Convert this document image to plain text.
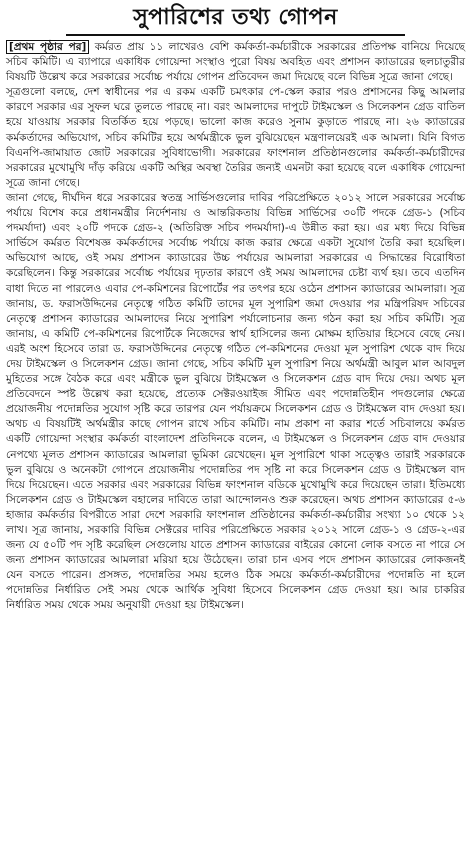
সুপারিশের তথ্য গোপন

[প্রথম পৃষ্ঠার পর] কর্মরত প্রায় ১১ লাখেরও বেশি কর্মকর্তা-কর্মচারীকে সরকারের প্রতিপক্ষ বানিয়ে দিয়েছে সচিব কমিটি। এ ব্যাপারে একাধিক গোয়েন্দা সংস্থাও পুরো বিষয় অবহিত এবং প্রশাসন ক্যাডারের ছলচাতুরীর বিষয়টি উল্লেখ করে সরকারের সর্বোচ্চ পর্যায়ে গোপন প্রতিবেদন জমা দিয়েছে বলে বিভিন্ন সূত্রে জানা গেছে।

সূত্রগুলো বলছে, দেশ স্বাধীনের পর এ রকম একটি চমৎকার পে-স্কেল করার পরও প্রশাসনের কিছু আমলার কারণে সরকার এর সুফল ঘরে তুলতে পারছে না। বরং আমলাদের দাপুটে টাইমস্কেল ও সিলেকশন গ্রেড বাতিল হয়ে যাওয়ায় সরকার বিতর্কিত হয়ে পড়ছে। ভালো কাজ করেও সুনাম কুড়াতে পারছে না। ২৬ ক্যাডারের কর্মকর্তাদের অভিযোগ, সচিব কমিটির হয়ে অর্থমন্ত্রীকে ভুল বুঝিয়েছেন মন্ত্রণালয়েরই এক আমলা। যিনি বিগত বিএনপি-জামায়াত জোট সরকারের সুবিধাভোগী। সরকারের ফাংশনাল প্রতিষ্ঠানগুলোর কর্মকর্তা-কর্মচারীদের সরকারের মুখোমুখি দাঁড় করিয়ে একটি অস্থির অবস্থা তৈরির জন্যই এমনটা করা হয়েছে বলে একাধিক গোয়েন্দা সূত্রে জানা গেছে।

জানা গেছে, দীর্ঘদিন ধরে সরকারের স্বতন্ত্র সার্ভিসগুলোর দাবির পরিপ্রেক্ষিতে ২০১২ সালে সরকারের সর্বোচ্চ পর্যায়ে বিশেষ করে প্রধানমন্ত্রীর নির্দেশনায় ও আন্তরিকতায় বিভিন্ন সার্ভিসের ৩০টি পদকে গ্রেড-১ (সচিব পদমর্যাদা) এবং ২০টি পদকে গ্রেড-২ (অতিরিক্ত সচিব পদমর্যাদা)-এ উন্নীত করা হয়। এর মধ্য দিয়ে বিভিন্ন সার্ভিসে কর্মরত বিশেষজ্ঞ কর্মকর্তাদের সর্বোচ্চ পর্যায়ে কাজ করার ক্ষেত্রে একটা সুযোগ তৈরি করা হয়েছিল। অভিযোগ আছে, ওই সময় প্রশাসন ক্যাডারের উচ্চ পর্যায়ের আমলারা সরকারের এ সিদ্ধান্তের বিরোধিতা করেছিলেন। কিন্তু সরকারের সর্বোচ্চ পর্যায়ের দৃঢ়তার কারণে ওই সময় আমলাদের চেষ্টা ব্যর্থ হয়। তবে এতদিন বাধা দিতে না পারলেও এবার পে-কমিশনের রিপোর্টের পর তৎপর হয়ে ওঠেন প্রশাসন ক্যাডারের আমলারা। সূত্র জানায়, ড. ফরাসউদ্দিনের নেতৃত্বে গঠিত কমিটি তাদের মূল সুপারিশ জমা দেওয়ার পর মন্ত্রিপরিষদ সচিবের নেতৃত্বে প্রশাসন ক্যাডারের আমলাদের নিয়ে সুপারিশ পর্যালোচনার জন্য গঠন করা হয় সচিব কমিটি। সূত্র জানায়, এ কমিটি পে-কমিশনের রিপোর্টকে নিজেদের স্বার্থ হাসিলের জন্য মোক্ষম হাতিয়ার হিসেবে বেছে নেয়। এরই অংশ হিসেবে তারা ড. ফরাসউদ্দিনের নেতৃত্বে গঠিত পে-কমিশনের দেওয়া মূল সুপারিশ থেকে বাদ দিয়ে দেয় টাইমস্কেল ও সিলেকশন গ্রেড। জানা গেছে, সচিব কমিটি মূল সুপারিশ নিয়ে অর্থমন্ত্রী আবুল মাল আবদুল মুহিতের সঙ্গে বৈঠক করে এবং মন্ত্রীকে ভুল বুঝিয়ে টাইমস্কেল ও সিলেকশন গ্রেড বাদ দিয়ে দেয়। অথচ মূল প্রতিবেদনে স্পষ্ট উল্লেখ করা হয়েছে, প্রত্যেক সেক্টরওয়াইজ সীমিত এবং পদোন্নতিহীন পদগুলোর ক্ষেত্রে প্রয়োজনীয় পদোন্নতির সুযোগ সৃষ্টি করে তারপর যেন পর্যায়ক্রমে সিলেকশন গ্রেড ও টাইমস্কেল বাদ দেওয়া হয়। অথচ এ বিষয়টিই অর্থমন্ত্রীর কাছে গোপন রাখে সচিব কমিটি। নাম প্রকাশ না করার শর্তে সচিবালয়ে কর্মরত একটি গোয়েন্দা সংস্থার কর্মকর্তা বাংলাদেশ প্রতিদিনকে বলেন, এ টাইমস্কেল ও সিলেকশন গ্রেড বাদ দেওয়ার নেপথ্যে মূলত প্রশাসন ক্যাডারের আমলারা ভূমিকা রেখেছেন। মূল সুপারিশে থাকা সত্ত্বেও তারাই সরকারকে ভুল বুঝিয়ে ও অনেকটা গোপনে প্রয়োজনীয় পদোন্নতির পদ সৃষ্টি না করে সিলেকশন গ্রেড ও টাইমস্কেল বাদ দিয়ে দিয়েছেন। এতে সরকার এবং সরকারের বিভিন্ন ফাংশনাল বডিকে মুখোমুখি করে দিয়েছেন তারা। ইতিমধ্যে সিলেকশন গ্রেড ও টাইমস্কেল বহালের দাবিতে তারা আন্দোলনও শুরু করেছেন। অথচ প্রশাসন ক্যাডারের ৫-৬ হাজার কর্মকর্তার বিপরীতে সারা দেশে সরকারি ফাংশনাল প্রতিষ্ঠানের কর্মকর্তা-কর্মচারীর সংখ্যা ১০ থেকে ১২ লাখ। সূত্র জানায়, সরকারি বিভিন্ন সেক্টরের দাবির পরিপ্রেক্ষিতে সরকার ২০১২ সালে গ্রেড-১ ও গ্রেড-২-এর জন্য যে ৫০টি পদ সৃষ্টি করেছিল সেগুলোয় যাতে প্রশাসন ক্যাডারের বাইরের কোনো লোক বসতে না পারে সে জন্য প্রশাসন ক্যাডারের আমলারা মরিয়া হয়ে উঠেছেন। তারা চান এসব পদে প্রশাসন ক্যাডারের লোকজনই যেন বসতে পারেন। প্রসঙ্গত, পদোন্নতির সময় হলেও ঠিক সময়ে কর্মকর্তা-কর্মচারীদের পদোন্নতি না হলে পদোন্নতির নির্ধারিত সেই সময় থেকে আর্থিক সুবিধা হিসেবে সিলেকশন গ্রেড দেওয়া হয়। আর চাকরির নির্ধারিত সময় থেকে সময় অনুযায়ী দেওয়া হয় টাইমস্কেল।
